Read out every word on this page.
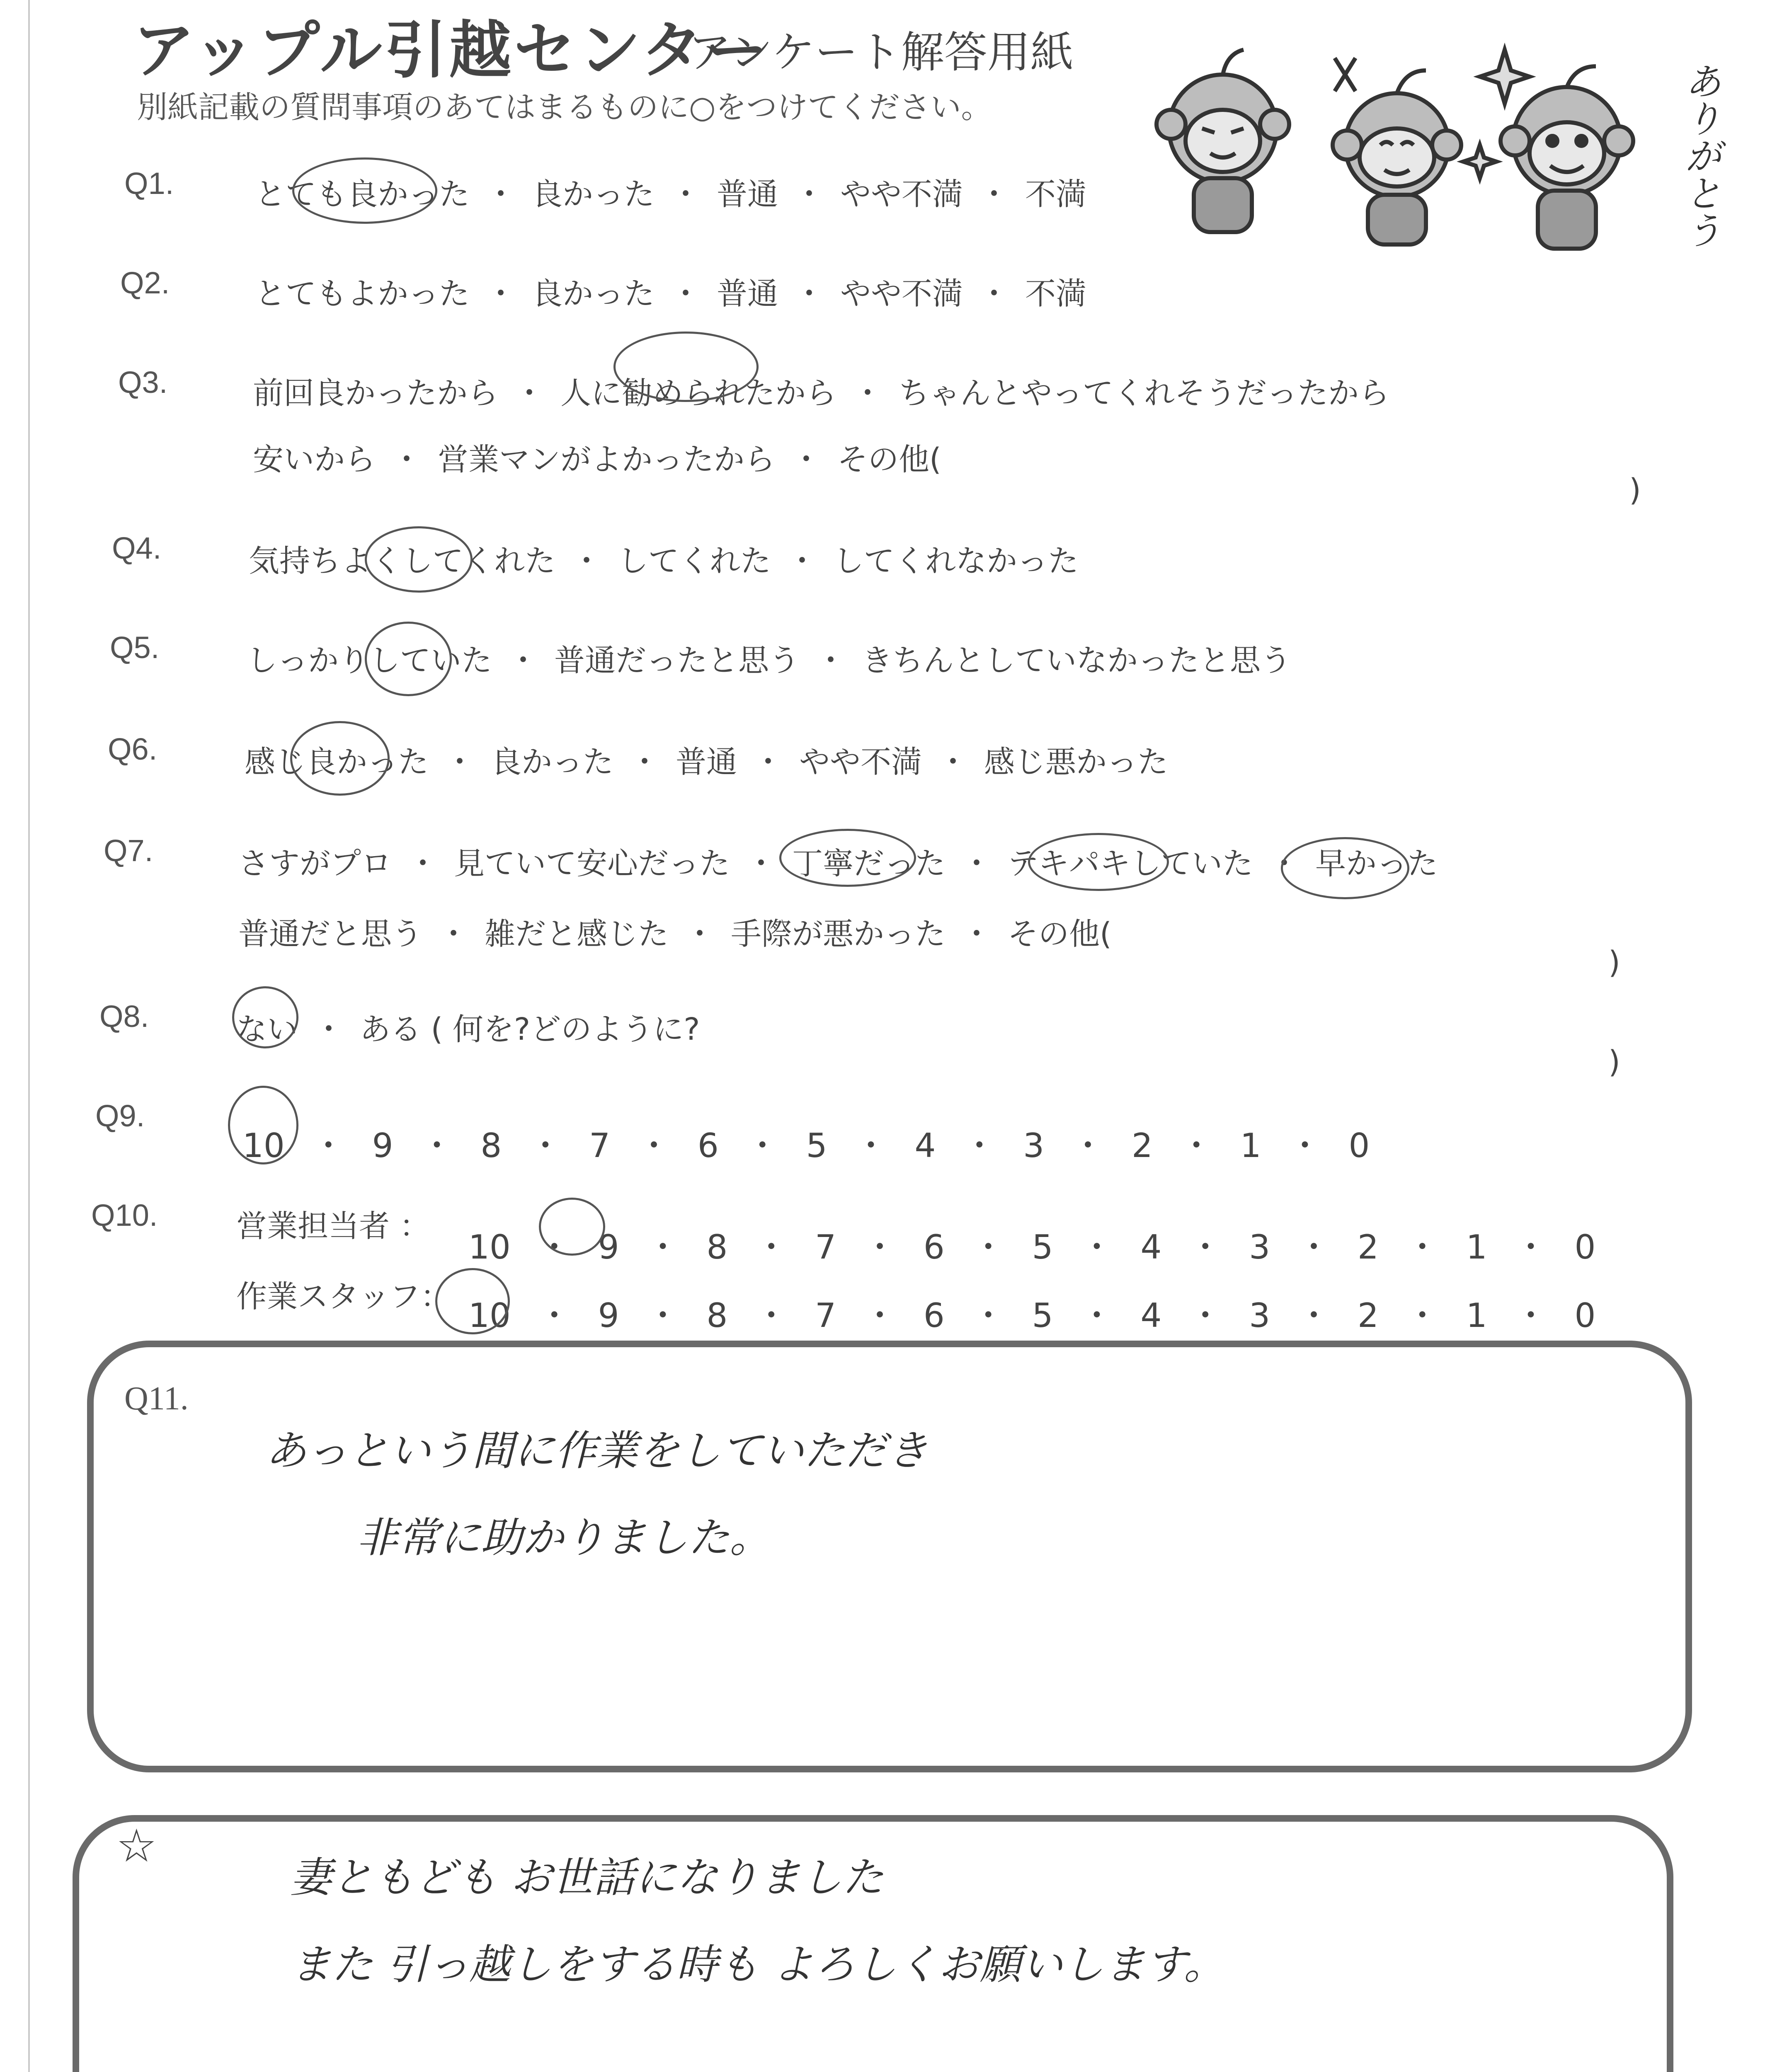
アップル引越センター
アンケート解答用紙
別紙記載の質問事項のあてはまるものに○をつけてください。	ありがとう
Q1.	とても良かった ・ 良かった ・ 普通 ・ やや不満 ・ 不満
Q2.	とてもよかった ・ 良かった ・ 普通 ・ やや不満 ・ 不満
Q3.	前回良かったから ・ 人に勧められたから ・ ちゃんとやってくれそうだったから
安いから ・ 営業マンがよかったから ・ その他(
)
Q4.	気持ちよくしてくれた ・ してくれた ・ してくれなかった
Q5.	しっかりしていた ・ 普通だったと思う ・ きちんとしていなかったと思う
Q6.	感じ良かった ・ 良かった ・ 普通 ・ やや不満 ・ 感じ悪かった
Q7.	さすがプロ ・ 見ていて安心だった ・ 丁寧だった ・ テキパキしていた ・ 早かった
普通だと思う ・ 雑だと感じた ・ 手際が悪かった ・ その他(
)
Q8.	ない ・ ある ( 何を?どのように?
)
Q9.
10 ・ 9 ・ 8 ・ 7 ・ 6 ・ 5 ・ 4 ・ 3 ・ 2 ・ 1 ・ 0
Q10.	営業担当者 ：
10 ・ 9 ・ 8 ・ 7 ・ 6 ・ 5 ・ 4 ・ 3 ・ 2 ・ 1 ・ 0
作業スタッフ： 10 ・ 9 ・ 8 ・ 7 ・ 6 ・ 5 ・ 4 ・ 3 ・ 2 ・ 1 ・ 0
Q11.
あっという間に作業をしていただき
非常に助かりました。
☆
妻ともども お世話になりました
また 引っ越しをする時も よろしくお願いします。
